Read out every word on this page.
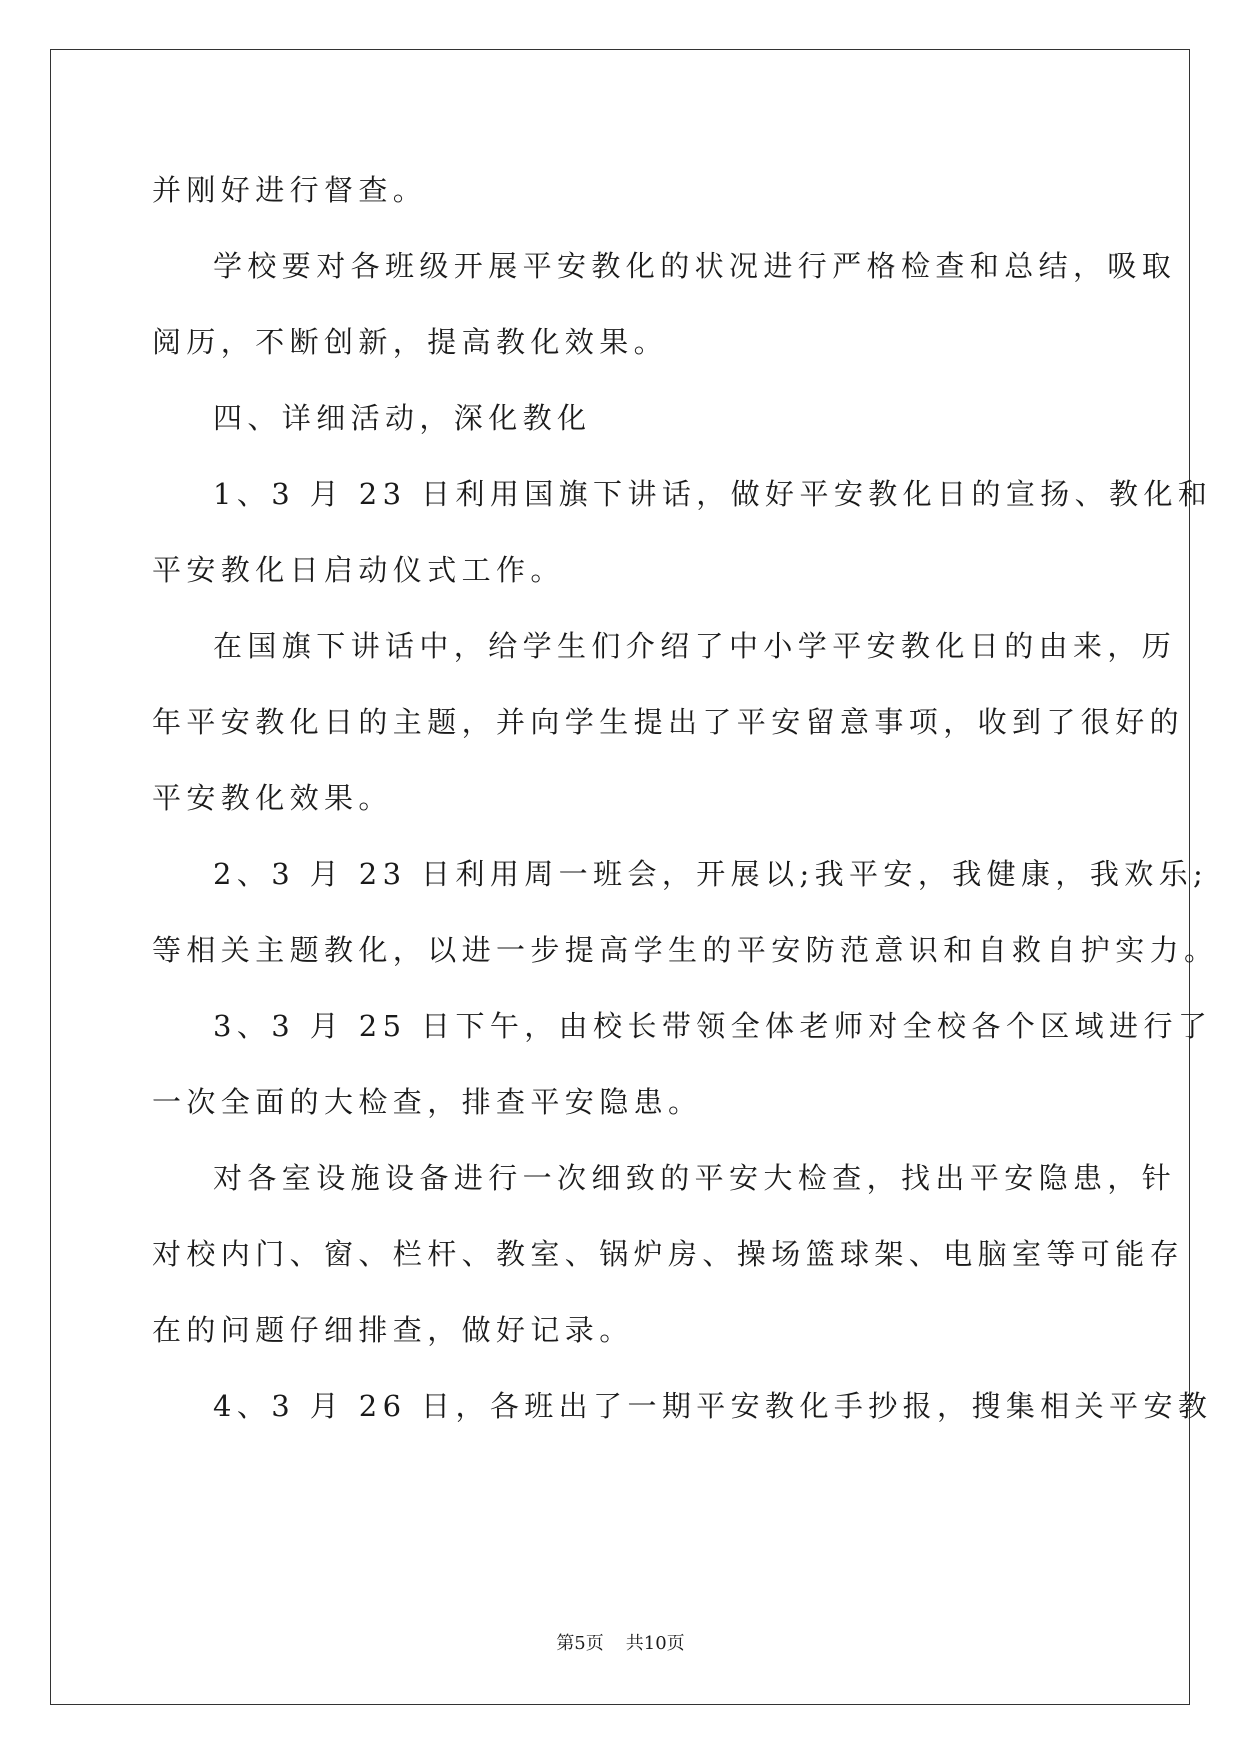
并刚好进行督查。

学校要对各班级开展平安教化的状况进行严格检查和总结，吸取

阅历，不断创新，提高教化效果。

四、详细活动，深化教化

1、3 月 23 日利用国旗下讲话，做好平安教化日的宣扬、教化和

平安教化日启动仪式工作。

在国旗下讲话中，给学生们介绍了中小学平安教化日的由来，历

年平安教化日的主题，并向学生提出了平安留意事项，收到了很好的

平安教化效果。

2、3 月 23 日利用周一班会，开展以;我平安，我健康，我欢乐;

等相关主题教化，以进一步提高学生的平安防范意识和自救自护实力。

3、3 月 25 日下午，由校长带领全体老师对全校各个区域进行了

一次全面的大检查，排查平安隐患。

对各室设施设备进行一次细致的平安大检查，找出平安隐患，针

对校内门、窗、栏杆、教室、锅炉房、操场篮球架、电脑室等可能存

在的问题仔细排查，做好记录。

4、3 月 26 日，各班出了一期平安教化手抄报，搜集相关平安教

第5页 共10页
